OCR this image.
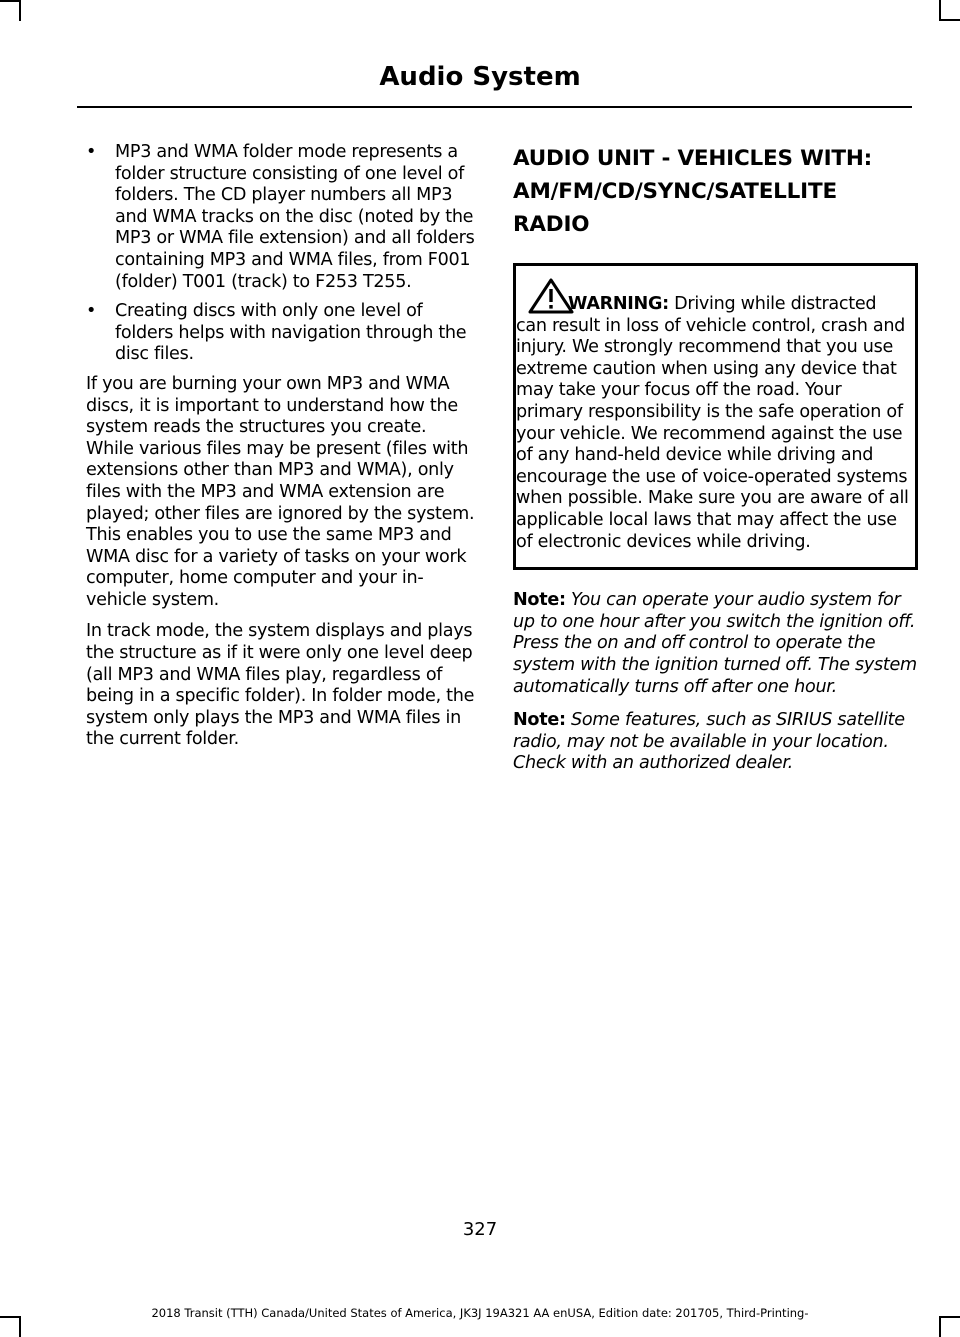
Audio System
• MP3 and WMA folder mode represents a folder structure consisting of one level of folders. The CD player numbers all MP3 and WMA tracks on the disc (noted by the MP3 or WMA file extension) and all folders containing MP3 and WMA files, from F001 (folder) T001 (track) to F253 T255.
• Creating discs with only one level of folders helps with navigation through the disc files.

If you are burning your own MP3 and WMA discs, it is important to understand how the system reads the structures you create. While various files may be present (files with extensions other than MP3 and WMA), only files with the MP3 and WMA extension are played; other files are ignored by the system. This enables you to use the same MP3 and WMA disc for a variety of tasks on your work computer, home computer and your in-vehicle system.

In track mode, the system displays and plays the structure as if it were only one level deep (all MP3 and WMA files play, regardless of being in a specific folder). In folder mode, the system only plays the MP3 and WMA files in the current folder.

AUDIO UNIT - VEHICLES WITH:
AM/FM/CD/SYNC/SATELLITE
RADIO

WARNING: Driving while distracted can result in loss of vehicle control, crash and injury. We strongly recommend that you use extreme caution when using any device that may take your focus off the road. Your primary responsibility is the safe operation of your vehicle. We recommend against the use of any hand-held device while driving and encourage the use of voice-operated systems when possible. Make sure you are aware of all applicable local laws that may affect the use of electronic devices while driving.

Note: You can operate your audio system for up to one hour after you switch the ignition off. Press the on and off control to operate the system with the ignition turned off. The system automatically turns off after one hour.

Note: Some features, such as SIRIUS satellite radio, may not be available in your location. Check with an authorized dealer.

327
2018 Transit (TTH) Canada/United States of America, JK3J 19A321 AA enUSA, Edition date: 201705, Third-Printing-
